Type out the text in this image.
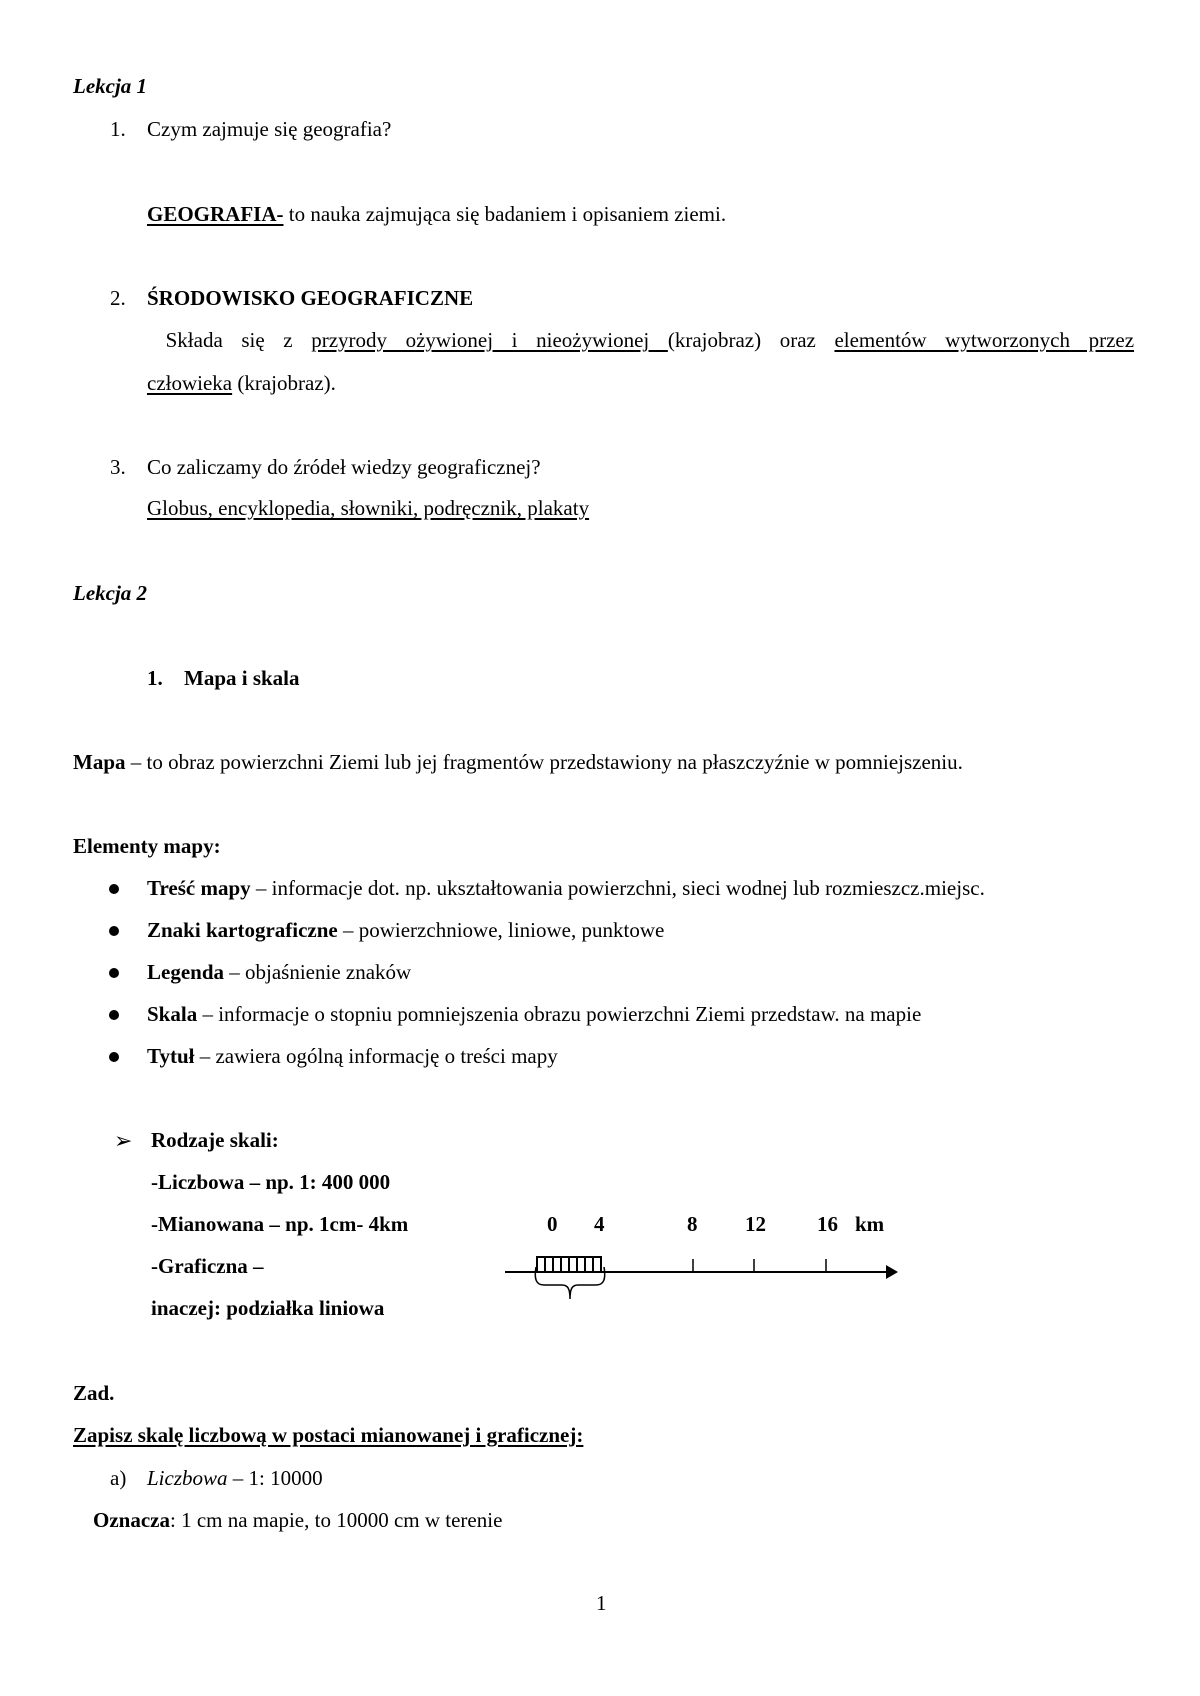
Lekcja 1
1. Czym zajmuje się geografia?
GEOGRAFIA- to nauka zajmująca się badaniem i opisaniem ziemi.
2. ŚRODOWISKO GEOGRAFICZNE
Składa się z przyrody ożywionej i nieożywionej (krajobraz) oraz elementów wytworzonych przez
człowieka (krajobraz).
3. Co zaliczamy do źródeł wiedzy geograficznej?
Globus, encyklopedia, słowniki, podręcznik, plakaty
Lekcja 2
1. Mapa i skala
Mapa – to obraz powierzchni Ziemi lub jej fragmentów przedstawiony na płaszczyźnie w pomniejszeniu.
Elementy mapy:
Treść mapy – informacje dot. np. ukształtowania powierzchni, sieci wodnej lub rozmieszcz.miejsc.
Znaki kartograficzne – powierzchniowe, liniowe, punktowe
Legenda – objaśnienie znaków
Skala – informacje o stopniu pomniejszenia obrazu powierzchni Ziemi przedstaw. na mapie
Tytuł – zawiera ogólną informację o treści mapy
➢ Rodzaje skali:
-Liczbowa – np. 1: 400 000
-Mianowana – np. 1cm- 4km
-Graficzna –
inaczej: podziałka liniowa
0 4	8 12 16 km
Zad.
Zapisz skalę liczbową w postaci mianowanej i graficznej:
a) Liczbowa – 1: 10000
Oznacza: 1 cm na mapie, to 10000 cm w terenie
1
